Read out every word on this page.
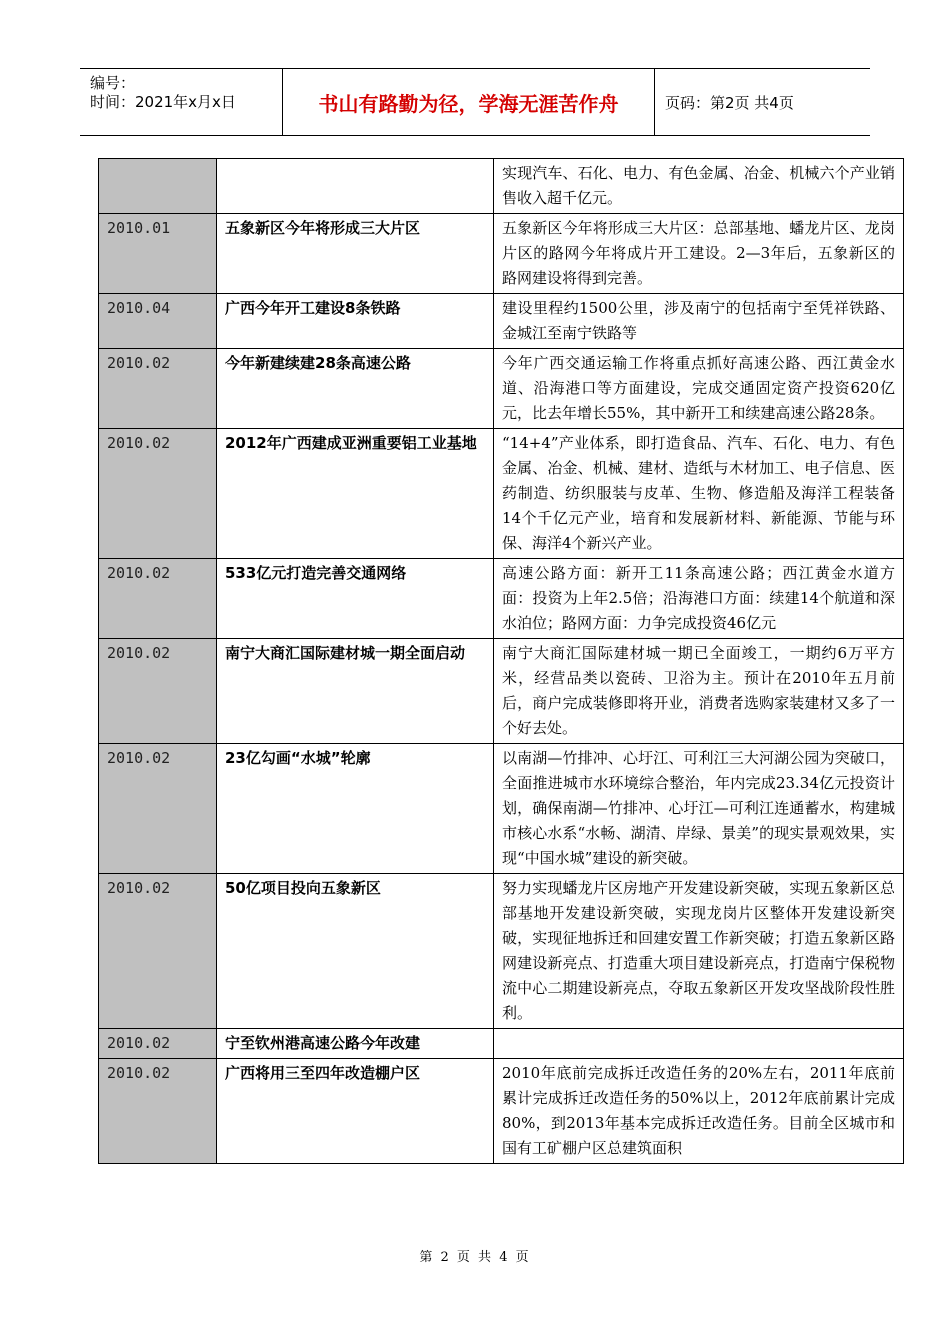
编号：
时间：2021年x月x日	书山有路勤为径，学海无涯苦作舟	页码：第2页 共4页
		实现汽车、石化、电力、有色金属、冶金、机械六个产业销售收入超千亿元。
2010.01	五象新区今年将形成三大片区	五象新区今年将形成三大片区：总部基地、蟠龙片区、龙岗片区的路网今年将成片开工建设。2—3年后，五象新区的路网建设将得到完善。
2010.04	广西今年开工建设8条铁路	建设里程约1500公里，涉及南宁的包括南宁至凭祥铁路、金城江至南宁铁路等
2010.02	今年新建续建28条高速公路	今年广西交通运输工作将重点抓好高速公路、西江黄金水道、沿海港口等方面建设，完成交通固定资产投资620亿元，比去年增长55%，其中新开工和续建高速公路28条。
2010.02	2012年广西建成亚洲重要铝工业基地	“14+4”产业体系，即打造食品、汽车、石化、电力、有色金属、冶金、机械、建材、造纸与木材加工、电子信息、医药制造、纺织服装与皮革、生物、修造船及海洋工程装备14个千亿元产业，培育和发展新材料、新能源、节能与环保、海洋4个新兴产业。
2010.02	533亿元打造完善交通网络	高速公路方面：新开工11条高速公路；西江黄金水道方面：投资为上年2.5倍；沿海港口方面：续建14个航道和深水泊位；路网方面：力争完成投资46亿元
2010.02	南宁大商汇国际建材城一期全面启动	南宁大商汇国际建材城一期已全面竣工，一期约6万平方米，经营品类以瓷砖、卫浴为主。预计在2010年五月前后，商户完成装修即将开业，消费者选购家装建材又多了一个好去处。
2010.02	23亿勾画“水城”轮廓	以南湖—竹排冲、心圩江、可利江三大河湖公园为突破口，全面推进城市水环境综合整治，年内完成23.34亿元投资计划，确保南湖—竹排冲、心圩江—可利江连通蓄水，构建城市核心水系“水畅、湖清、岸绿、景美”的现实景观效果，实现“中国水城”建设的新突破。
2010.02	50亿项目投向五象新区	努力实现蟠龙片区房地产开发建设新突破，实现五象新区总部基地开发建设新突破，实现龙岗片区整体开发建设新突破，实现征地拆迁和回建安置工作新突破；打造五象新区路网建设新亮点、打造重大项目建设新亮点，打造南宁保税物流中心二期建设新亮点，夺取五象新区开发攻坚战阶段性胜利。
2010.02	宁至钦州港高速公路今年改建	
2010.02	广西将用三至四年改造棚户区	2010年底前完成拆迁改造任务的20%左右，2011年底前累计完成拆迁改造任务的50%以上，2012年底前累计完成80%，到2013年基本完成拆迁改造任务。目前全区城市和国有工矿棚户区总建筑面积
第 2 页 共 4 页
